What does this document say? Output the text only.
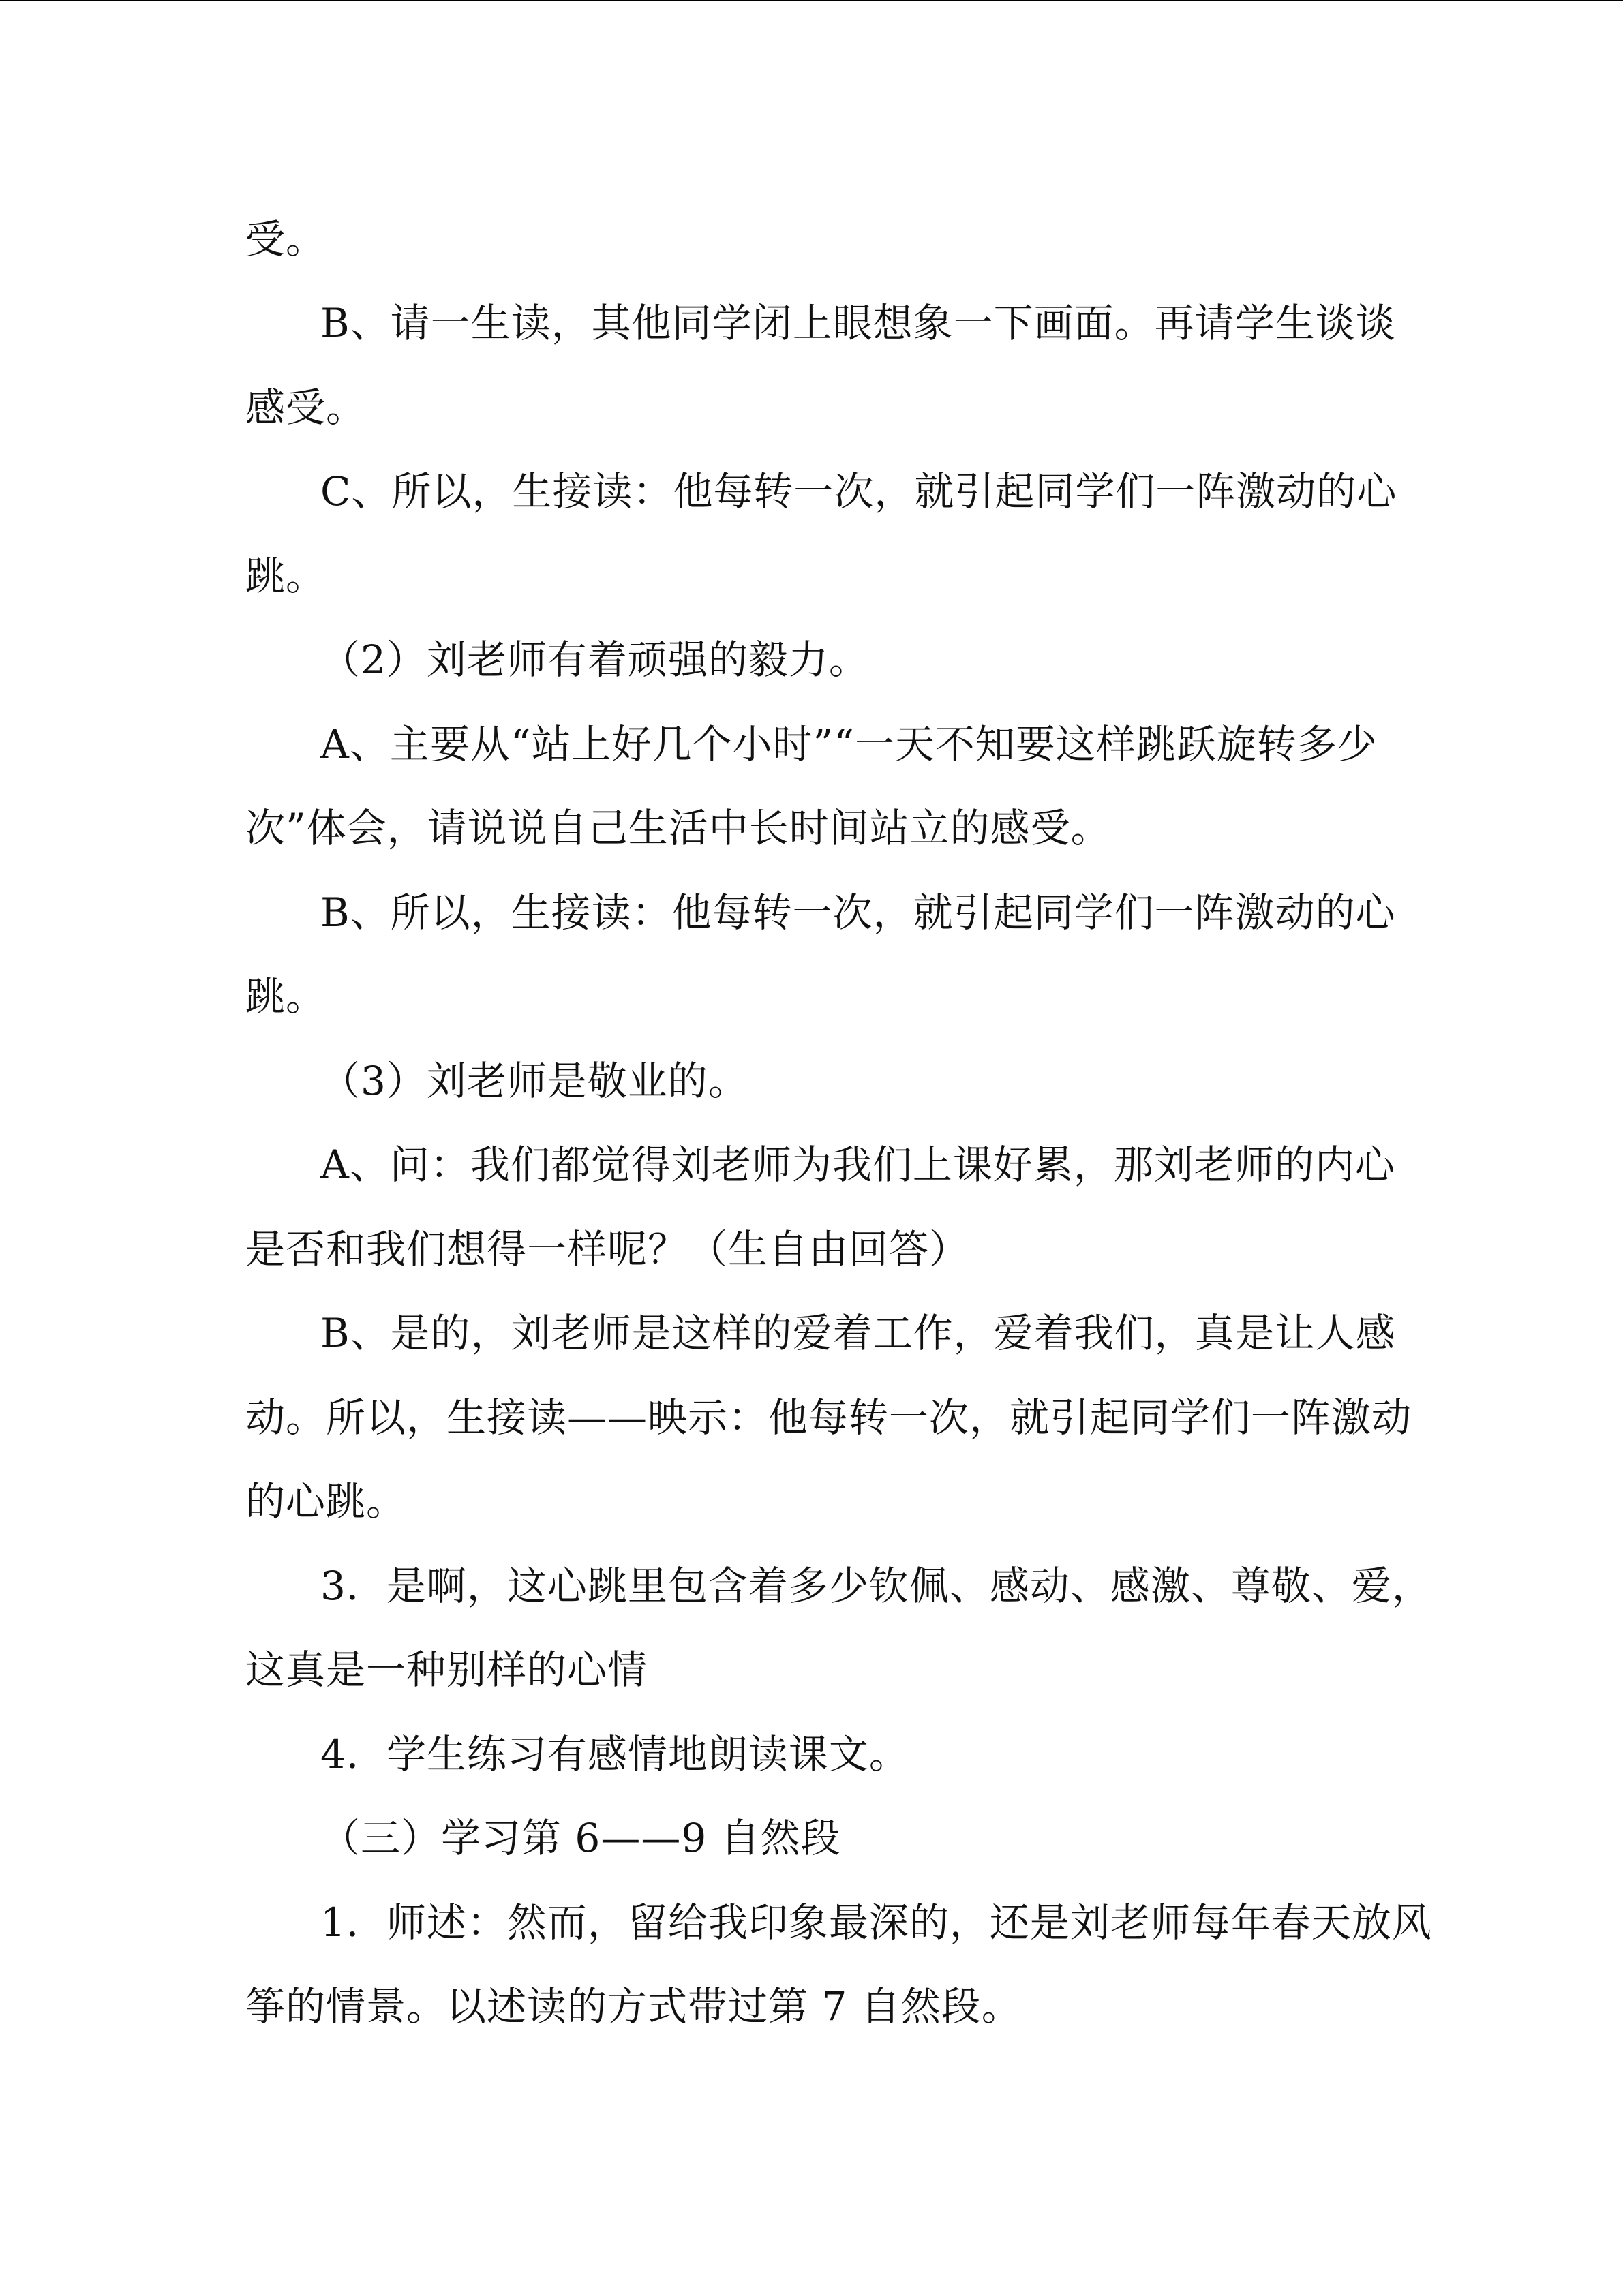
受。
B、请一生读，其他同学闭上眼想象一下画面。再请学生谈谈
感受。
C、所以，生接读：他每转一次，就引起同学们一阵激动的心
跳。
（2）刘老师有着顽强的毅力。
A、主要从“站上好几个小时”“一天不知要这样跳跃旋转多少
次”体会，请说说自己生活中长时间站立的感受。
B、所以，生接读：他每转一次，就引起同学们一阵激动的心
跳。
（3）刘老师是敬业的。
A、问：我们都觉得刘老师为我们上课好累，那刘老师的内心
是否和我们想得一样呢？（生自由回答）
B、是的，刘老师是这样的爱着工作，爱着我们，真是让人感
动。所以，生接读——映示：他每转一次，就引起同学们一阵激动
的心跳。
3．是啊，这心跳里包含着多少钦佩、感动、感激、尊敬、爱，
这真是一种别样的心情
4．学生练习有感情地朗读课文。
（三）学习第 6——9 自然段
1．师述：然而，留给我印象最深的，还是刘老师每年春天放风
筝的情景。以述读的方式带过第 7 自然段。
